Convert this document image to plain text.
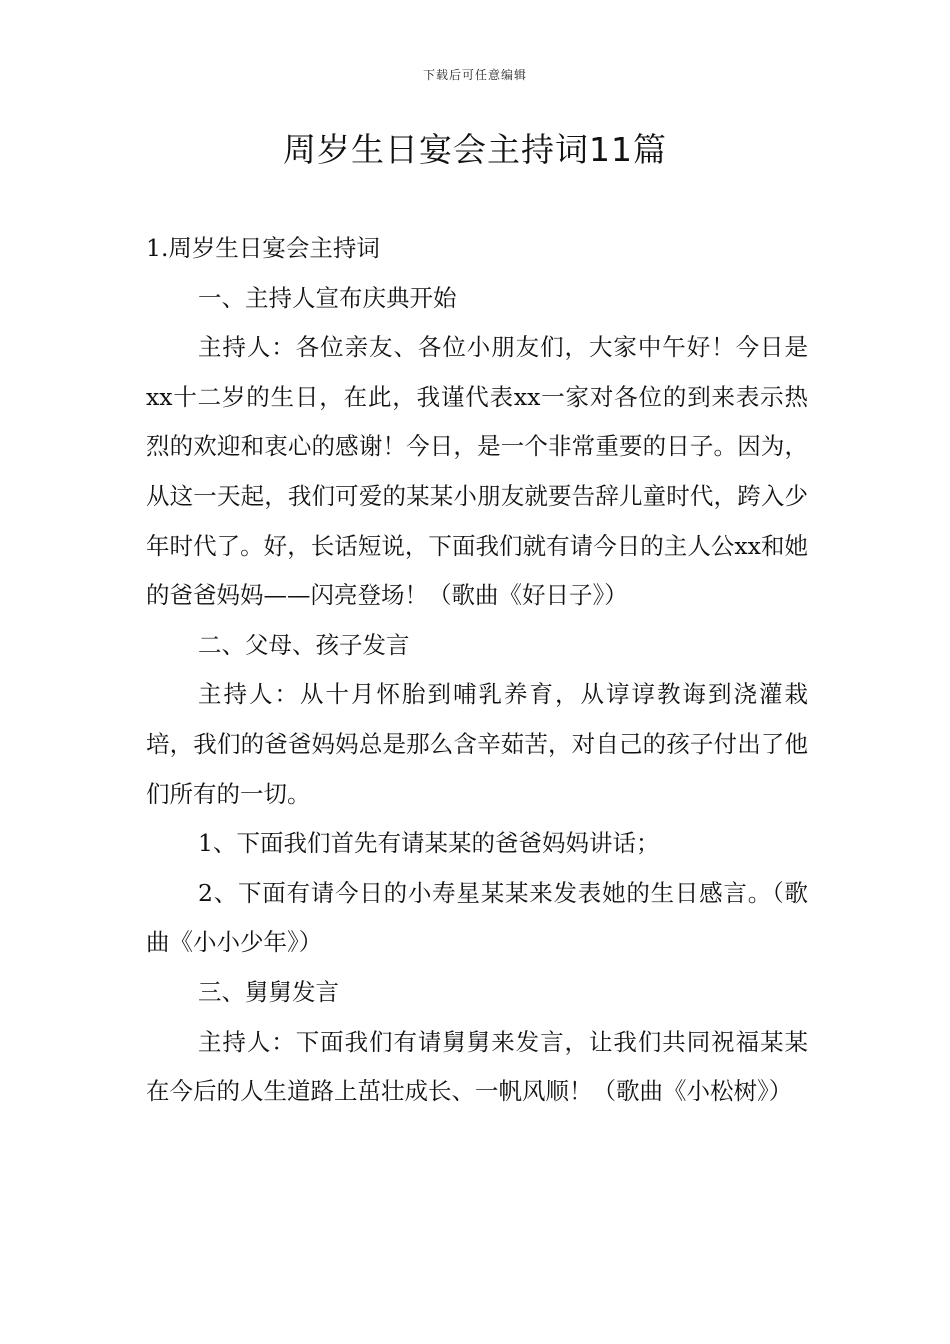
下载后可任意编辑
周岁生日宴会主持词11篇

1.周岁生日宴会主持词

一、主持人宣布庆典开始

主持人：各位亲友、各位小朋友们，大家中午好！今日是xx十二岁的生日，在此，我谨代表xx一家对各位的到来表示热烈的欢迎和衷心的感谢！今日，是一个非常重要的日子。因为，从这一天起，我们可爱的某某小朋友就要告辞儿童时代，跨入少年时代了。好，长话短说，下面我们就有请今日的主人公xx和她的爸爸妈妈——闪亮登场！（歌曲《好日子》）

二、父母、孩子发言

主持人：从十月怀胎到哺乳养育，从谆谆教诲到浇灌栽培，我们的爸爸妈妈总是那么含辛茹苦，对自己的孩子付出了他们所有的一切。

1、下面我们首先有请某某的爸爸妈妈讲话；

2、下面有请今日的小寿星某某来发表她的生日感言。（歌曲《小小少年》）

三、舅舅发言

主持人：下面我们有请舅舅来发言，让我们共同祝福某某在今后的人生道路上茁壮成长、一帆风顺！（歌曲《小松树》）
